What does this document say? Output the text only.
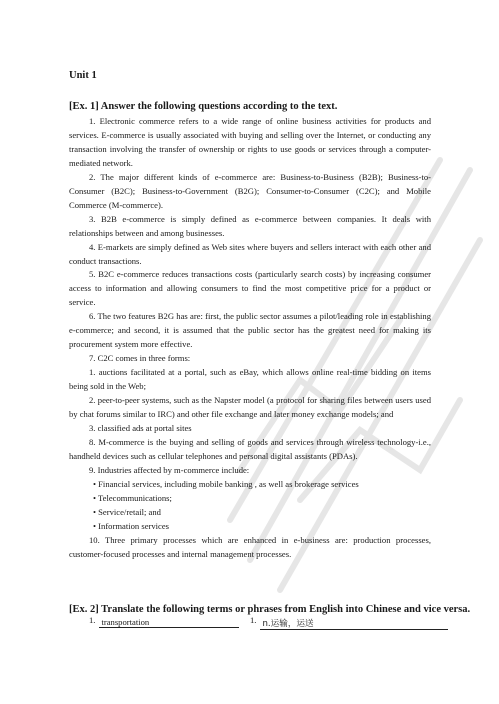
Unit 1
[Ex. 1] Answer the following questions according to the text.

1. Electronic commerce refers to a wide range of online business activities for products and services. E-commerce is usually associated with buying and selling over the Internet, or conducting any transaction involving the transfer of ownership or rights to use goods or services through a computer-mediated network.

2. The major different kinds of e-commerce are: Business-to-Business (B2B); Business-to-Consumer (B2C); Business-to-Government (B2G); Consumer-to-Consumer (C2C); and Mobile Commerce (M-commerce).

3. B2B e-commerce is simply defined as e-commerce between companies. It deals with relationships between and among businesses.

4. E-markets are simply defined as Web sites where buyers and sellers interact with each other and conduct transactions.

5. B2C e-commerce reduces transactions costs (particularly search costs) by increasing consumer access to information and allowing consumers to find the most competitive price for a product or service.

6. The two features B2G has are: first, the public sector assumes a pilot/leading role in establishing e-commerce; and second, it is assumed that the public sector has the greatest need for making its procurement system more effective.

7. C2C comes in three forms:

1. auctions facilitated at a portal, such as eBay, which allows online real-time bidding on items being sold in the Web;

2. peer-to-peer systems, such as the Napster model (a protocol for sharing files between users used by chat forums similar to IRC) and other file exchange and later money exchange models; and

3. classified ads at portal sites

8. M-commerce is the buying and selling of goods and services through wireless technology-i.e., handheld devices such as cellular telephones and personal digital assistants (PDAs).

9. Industries affected by m-commerce include:

• Financial services, including mobile banking , as well as brokerage services

• Telecommunications;

• Service/retail; and

• Information services

10. Three primary processes which are enhanced in e-business are: production processes, customer-focused processes and internal management processes.

[Ex. 2] Translate the following terms or phrases from English into Chinese and vice versa.
1. transportation	1. n.运输，运送
